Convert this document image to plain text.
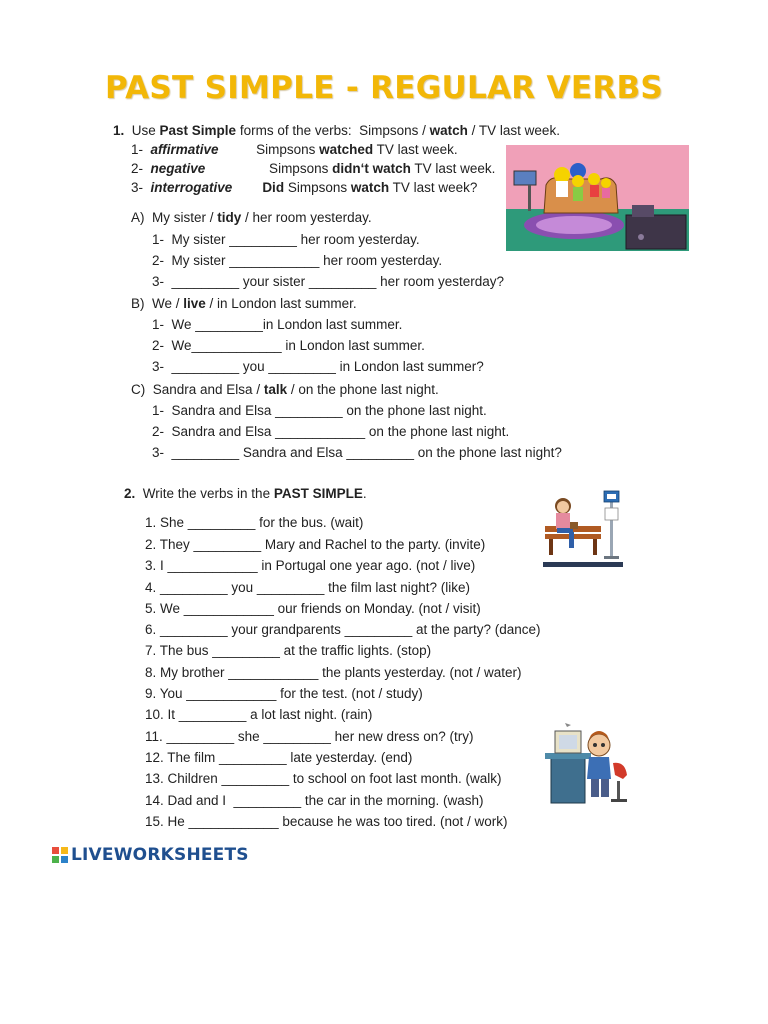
PAST SIMPLE - REGULAR VERBS
1.  Use Past Simple forms of the verbs:  Simpsons / watch / TV last week.
1-  affirmative          Simpsons watched TV last week.
2-  negative                 Simpsons didn‘t watch TV last week.
3-  interrogative Did Simpsons watch TV last week?
A)  My sister / tidy / her room yesterday.
1-  My sister _________ her room yesterday.
2-  My sister ____________ her room yesterday.
3-  _________ your sister _________ her room yesterday?
B)  We / live / in London last summer.
1-  We _________in London last summer.
2-  We____________ in London last summer.
3-  _________ you _________ in London last summer?
C)  Sandra and Elsa / talk / on the phone last night.
1-  Sandra and Elsa _________ on the phone last night.
2-  Sandra and Elsa ____________ on the phone last night.
3-  _________ Sandra and Elsa _________ on the phone last night?
2.  Write the verbs in the PAST SIMPLE.
1. She _________ for the bus. (wait)
2. They _________ Mary and Rachel to the party. (invite)
3. I ____________ in Portugal one year ago. (not / live)
4. _________ you _________ the film last night? (like)
5. We ____________ our friends on Monday. (not / visit)
6. _________ your grandparents _________ at the party? (dance)
7. The bus _________ at the traffic lights. (stop)
8. My brother ____________ the plants yesterday. (not / water)
9. You ____________ for the test. (not / study)
10. It _________ a lot last night. (rain)
11. _________ she _________ her new dress on? (try)
12. The film _________ late yesterday. (end)
13. Children _________ to school on foot last month. (walk)
14. Dad and I  _________ the car in the morning. (wash)
15. He ____________ because he was too tired. (not / work)
LIVEWORKSHEETS
